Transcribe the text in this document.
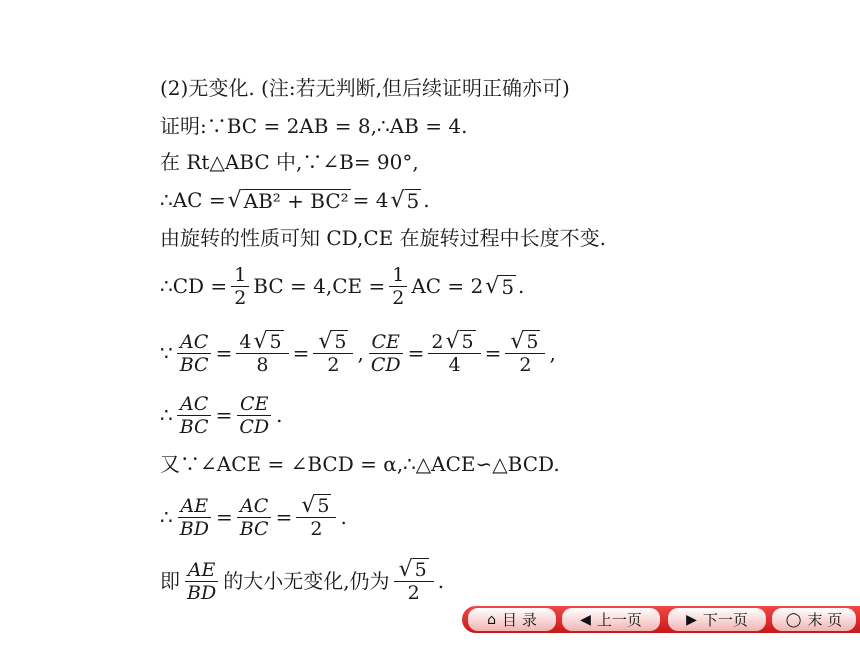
(2)无变化. (注:若无判断,但后续证明正确亦可)
证明:∵BC = 2AB = 8,∴AB = 4.
在 Rt△ABC 中,∵∠B= 90°,
∴AC = √ AB² + BC² = 4 √ 5 .
由旋转的性质可知 CD,CE 在旋转过程中长度不变.
∴CD = $\frac{1}{2}$ BC = $4,CE = \frac{1}{2}$ AC = 2 √ 5 .
∵ $\frac{AC}{BC} = \frac{4 √ 5}{8} = \frac{√ 5}{2}$ , $\frac{CE}{CD} = \frac{2 √ 5}{4} = \frac{√ 5}{2}$ ,
∴ $\frac{AC}{BC} = \frac{CE}{CD}$ .
又∵∠ACE = ∠BCD = α,∴△ACE∽△BCD.
∴ $\frac{AE}{BD} = \frac{AC}{BC} = \frac{√ 5}{2}$ .
即 $\frac{AE}{BD}$ 的大小无变化,仍为 $\frac{√ 5}{2}$ .
⌂ 目 录	◀ 上一页	▶ 下一页	◯ 末 页
